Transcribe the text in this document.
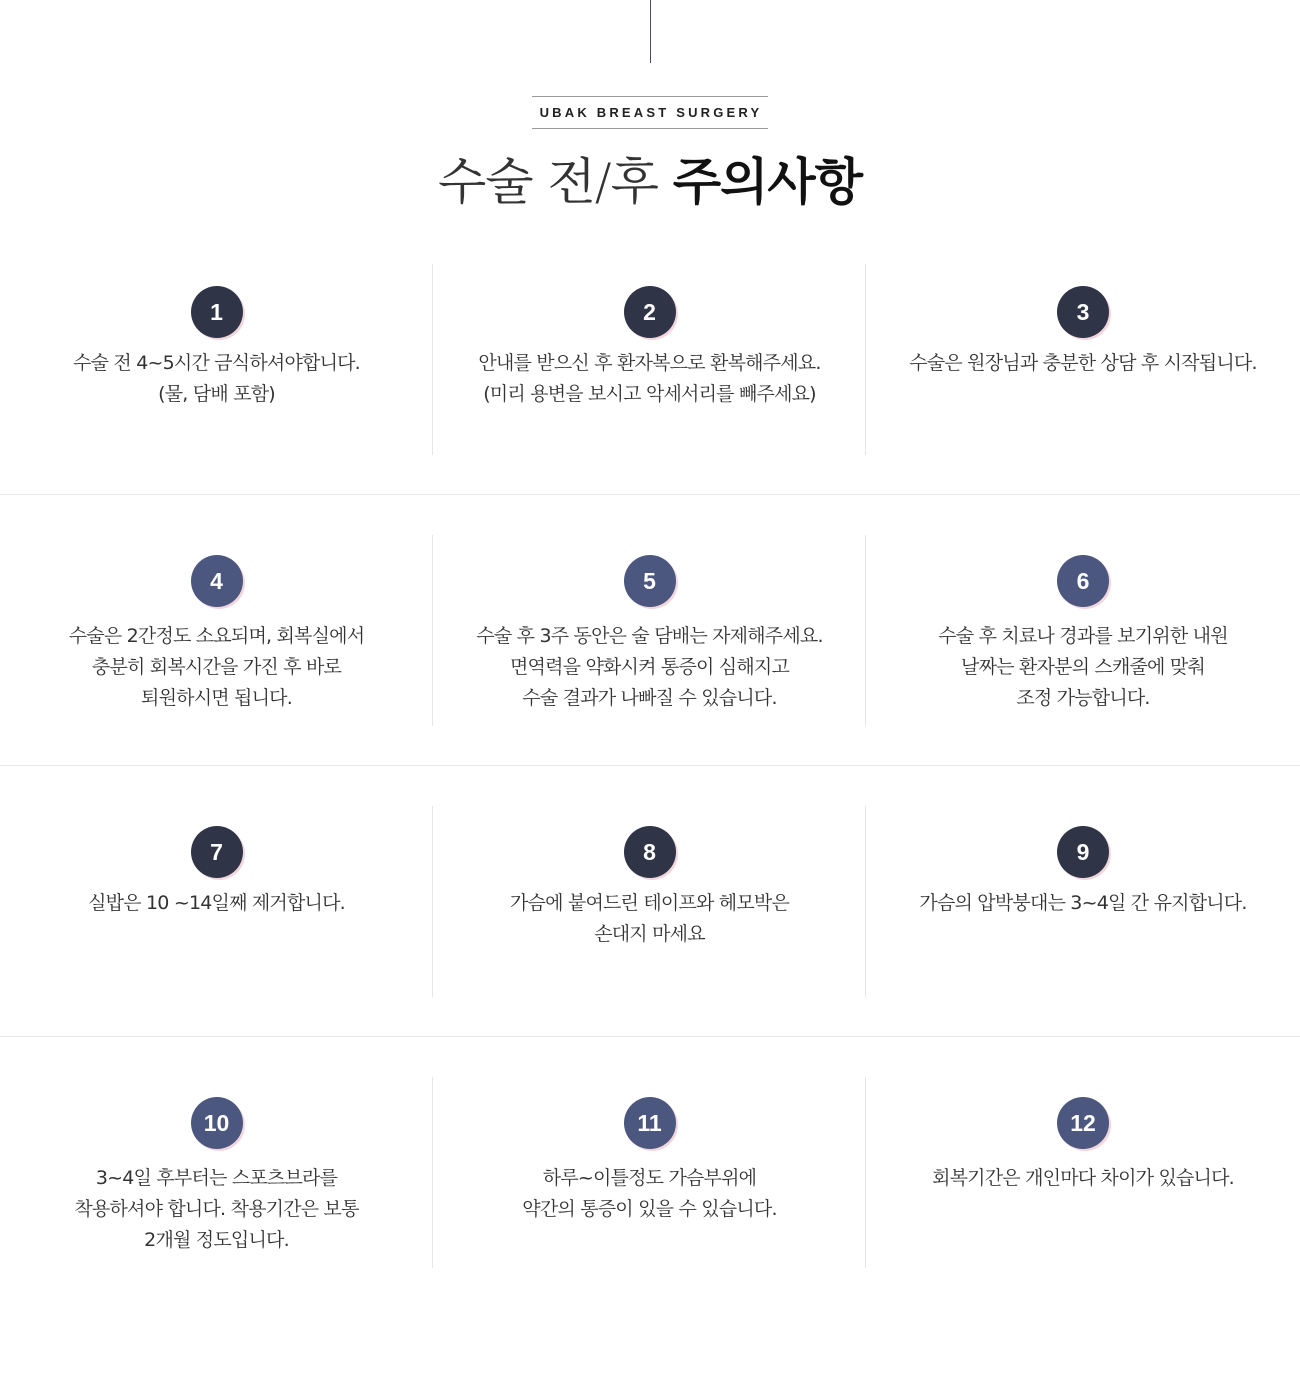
UBAK BREAST SURGERY
수술 전/후 주의사항
1
수술 전 4~5시간 금식하셔야합니다.
(물, 담배 포함)
2
안내를 받으신 후 환자복으로 환복해주세요.
(미리 용변을 보시고 악세서리를 빼주세요)
3
수술은 원장님과 충분한 상담 후 시작됩니다.
4
수술은 2간정도 소요되며, 회복실에서
충분히 회복시간을 가진 후 바로
퇴원하시면 됩니다.
5
수술 후 3주 동안은 술 담배는 자제해주세요.
면역력을 약화시켜 통증이 심해지고
수술 결과가 나빠질 수 있습니다.
6
수술 후 치료나 경과를 보기위한 내원
날짜는 환자분의 스캐줄에 맞춰
조정 가능합니다.
7
실밥은 10 ~14일째 제거합니다.
8
가슴에 붙여드린 테이프와 헤모박은
손대지 마세요
9
가슴의 압박붕대는 3~4일 간 유지합니다.
10
3~4일 후부터는 스포츠브라를
착용하셔야 합니다. 착용기간은 보통
2개월 정도입니다.
11
하루~이틀정도 가슴부위에
약간의 통증이 있을 수 있습니다.
12
회복기간은 개인마다 차이가 있습니다.
